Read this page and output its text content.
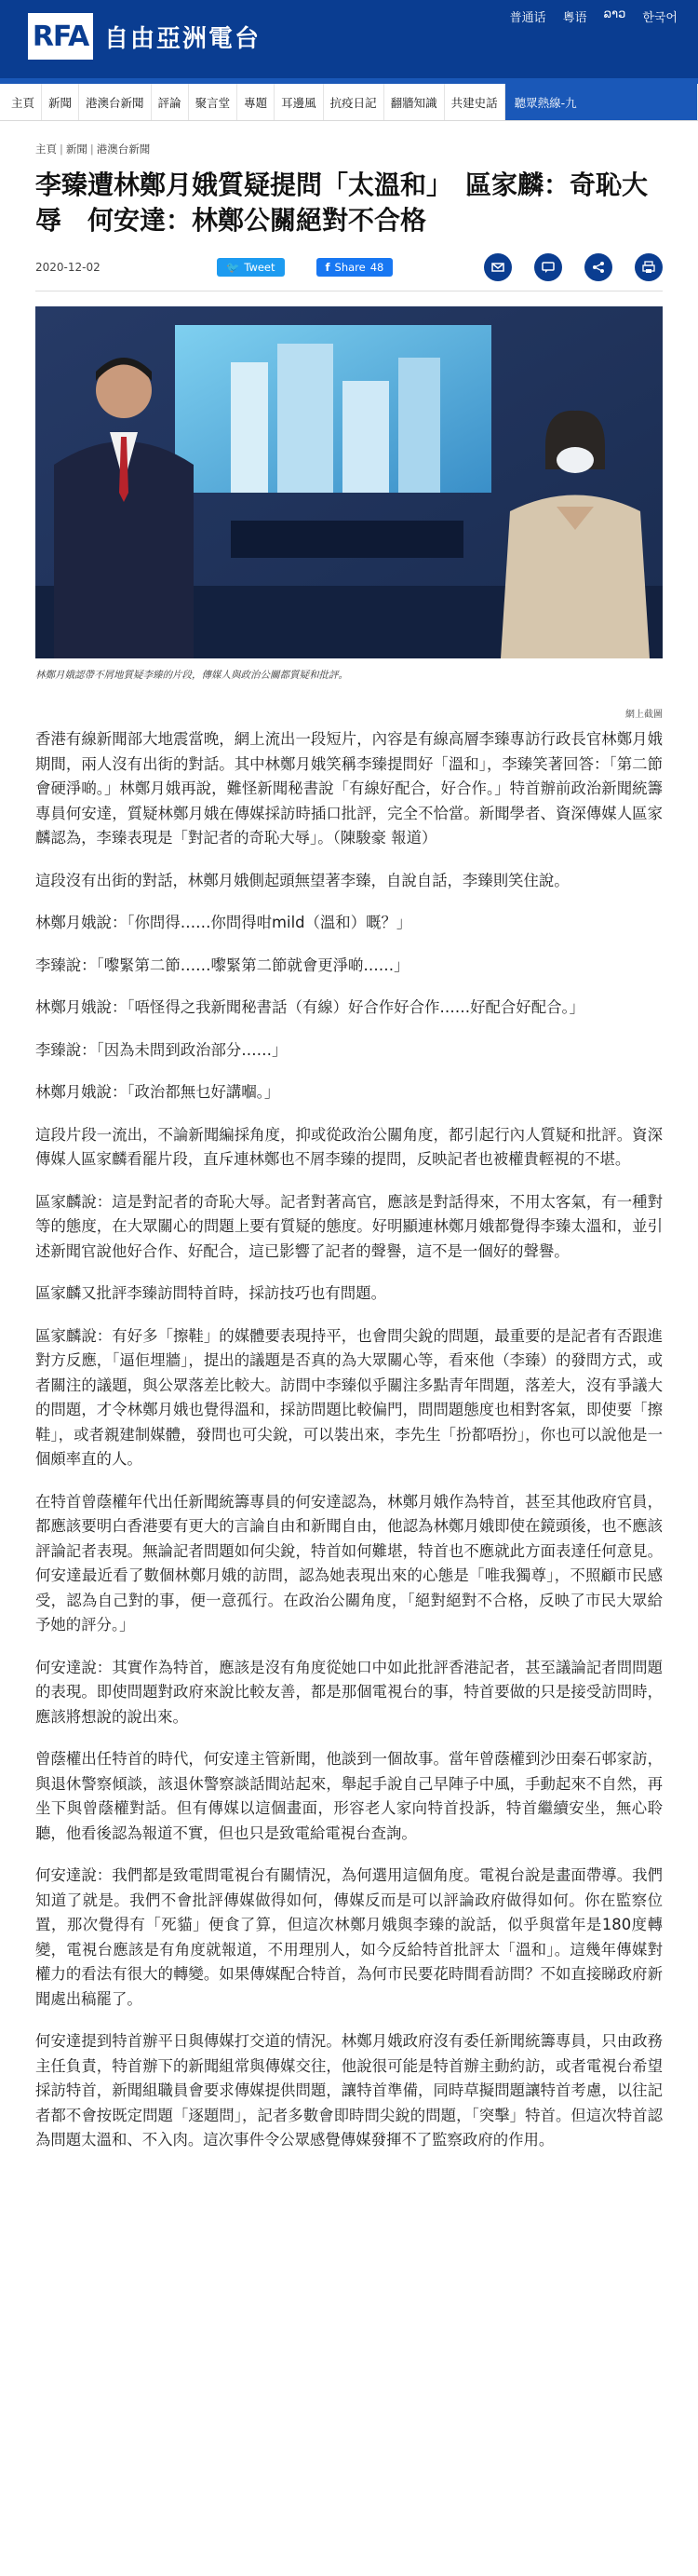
RFA 自由亞洲電台
普通话 粵语 ລາວ 한국어
主頁	新聞	港澳台新聞	評論	聚言堂	專題	耳邊風	抗疫日記	翻牆知識	共建史話	聽眾熱線-九
主頁 | 新聞 | 港澳台新聞
李臻遭林鄭月娥質疑提問「太溫和」　區家麟：奇恥大辱　何安達：林鄭公關絕對不合格
2020-12-02	🐦 Tweet	f Share 48
林鄭月娥認帶不屑地質疑李臻的片段，傳媒人與政治公關都質疑和批評。
網上截圖

香港有線新聞部大地震當晚，網上流出一段短片，內容是有線高層李臻專訪行政長官林鄭月娥期間，兩人沒有出街的對話。其中林鄭月娥笑稱李臻提問好「溫和」，李臻笑著回答：「第二節會硬淨啲。」林鄭月娥再說，難怪新聞秘書說「有線好配合，好合作。」特首辦前政治新聞統籌專員何安達，質疑林鄭月娥在傳媒採訪時插口批評，完全不恰當。新聞學者、資深傳媒人區家麟認為，李臻表現是「對記者的奇恥大辱」。（陳駿豪 報道）

這段沒有出街的對話，林鄭月娥側起頭無望著李臻，自說自話，李臻則笑住說。

林鄭月娥說：「你問得……你問得咁mild（溫和）嘅？」

李臻說：「嚟緊第二節……嚟緊第二節就會更淨啲……」

林鄭月娥說：「唔怪得之我新聞秘書話（有線）好合作好合作……好配合好配合。」

李臻說：「因為未問到政治部分……」

林鄭月娥說：「政治都無乜好講嗰。」

這段片段一流出，不論新聞編採角度，抑或從政治公關角度，都引起行內人質疑和批評。資深傳媒人區家麟看罷片段，直斥連林鄭也不屑李臻的提問，反映記者也被權貴輕視的不堪。

區家麟說：這是對記者的奇恥大辱。記者對著高官，應該是對話得來，不用太客氣，有一種對等的態度，在大眾關心的問題上要有質疑的態度。好明顯連林鄭月娥都覺得李臻太溫和，並引述新聞官說他好合作、好配合，這已影響了記者的聲譽，這不是一個好的聲譽。

區家麟又批評李臻訪問特首時，採訪技巧也有問題。

區家麟說：有好多「擦鞋」的媒體要表現持平，也會問尖銳的問題，最重要的是記者有否跟進對方反應，「逼佢埋牆」，提出的議題是否真的為大眾關心等，看來他（李臻）的發問方式，或者關注的議題，與公眾落差比較大。訪問中李臻似乎關注多點青年問題，落差大，沒有爭議大的問題，才令林鄭月娥也覺得溫和，採訪問題比較偏門，問問題態度也相對客氣，即使要「擦鞋」，或者親建制媒體，發問也可尖銳，可以裝出來，李先生「扮都唔扮」，你也可以說他是一個頗率直的人。

在特首曾蔭權年代出任新聞統籌專員的何安達認為，林鄭月娥作為特首，甚至其他政府官員，都應該要明白香港要有更大的言論自由和新聞自由，他認為林鄭月娥即使在鏡頭後，也不應該評論記者表現。無論記者問題如何尖銳，特首如何難堪，特首也不應就此方面表達任何意見。何安達最近看了數個林鄭月娥的訪問，認為她表現出來的心態是「唯我獨尊」，不照顧市民感受，認為自己對的事，便一意孤行。在政治公關角度，「絕對絕對不合格，反映了市民大眾給予她的評分。」

何安達說：其實作為特首，應該是沒有角度從她口中如此批評香港記者，甚至議論記者問問題的表現。即使問題對政府來說比較友善，都是那個電視台的事，特首要做的只是接受訪問時，應該將想說的說出來。

曾蔭權出任特首的時代，何安達主管新聞，他談到一個故事。當年曾蔭權到沙田秦石邨家訪，與退休警察傾談，該退休警察談話間站起來，舉起手說自己早陣子中風，手動起來不自然，再坐下與曾蔭權對話。但有傳媒以這個畫面，形容老人家向特首投訴，特首繼續安坐，無心聆聽，他看後認為報道不實，但也只是致電給電視台查詢。

何安達說：我們都是致電問電視台有關情況，為何選用這個角度。電視台說是畫面帶導。我們知道了就是。我們不會批評傳媒做得如何，傳媒反而是可以評論政府做得如何。你在監察位置，那次覺得有「死貓」便食了算，但這次林鄭月娥與李臻的說話，似乎與當年是180度轉變，電視台應該是有角度就報道，不用理別人，如今反給特首批評太「溫和」。這幾年傳媒對權力的看法有很大的轉變。如果傳媒配合特首，為何市民要花時間看訪問？不如直接睇政府新聞處出稿罷了。

何安達提到特首辦平日與傳媒打交道的情況。林鄭月娥政府沒有委任新聞統籌專員，只由政務主任負責，特首辦下的新聞組常與傳媒交往，他說很可能是特首辦主動約訪，或者電視台希望採訪特首，新聞組職員會要求傳媒提供問題，讓特首準備，同時草擬問題讓特首考慮，以往記者都不會按既定問題「逐題問」，記者多數會即時問尖銳的問題，「突擊」特首。但這次特首認為問題太溫和、不入肉。這次事件令公眾感覺傳媒發揮不了監察政府的作用。
